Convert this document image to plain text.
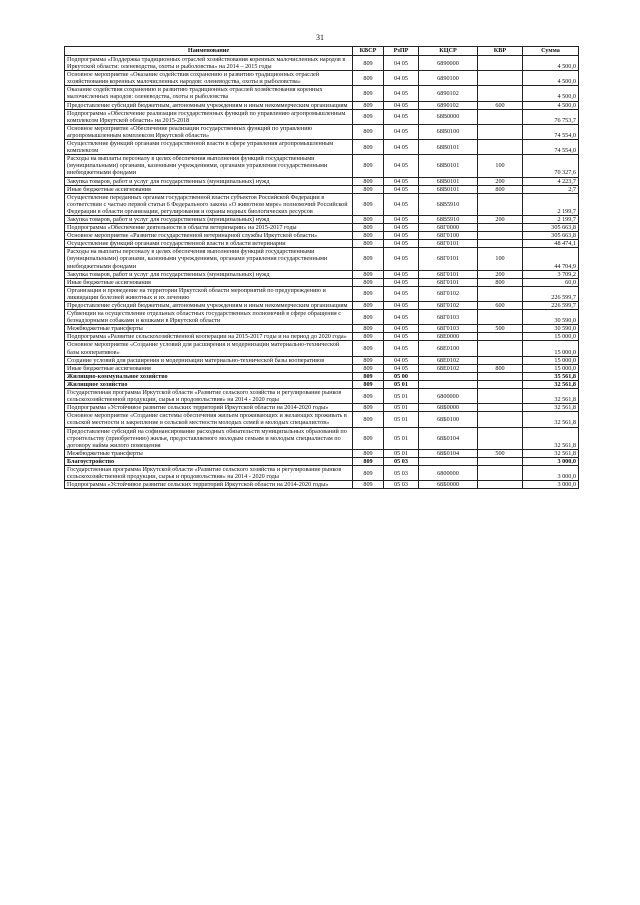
31
Наименование	КВСР	РзПР	КЦСР	КВР	Сумма
Подпрограмма «Поддержка традиционных отраслей хозяйствования коренных малочисленных народов в Иркутской области: оленеводства, охоты и рыболовства» на 2014 – 2015 годы	809	04 05	6890000		4 500,0
Основное мероприятие «Оказание содействия сохранению и развитию традиционных отраслей хозяйствования коренных малочисленных народов: оленеводства, охоты и рыболовства»	809	04 05	6890100		4 500,0
Оказание содействия сохранению и развитию традиционных отраслей хозяйствования коренных малочисленных народов: оленеводства, охоты и рыболовства	809	04 05	6890102		4 500,0
Предоставление субсидий бюджетным, автономным учреждениям и иным некоммерческим организациям	809	04 05	6890102	600	4 500,0
Подпрограмма «Обеспечение реализации государственных функций по управлению агропромышленным комплексом Иркутской области» на 2015-2018	809	04 05	68B0000		76 753,7
Основное мероприятие «Обеспечение реализации государственных функций по управлению агропромышленным комплексом Иркутской области»	809	04 05	68B0100		74 554,0
Осуществление функций органами государственной власти в сфере управления агропромышленным комплексом	809	04 05	68B0101		74 554,0
Расходы на выплаты персоналу в целях обеспечения выполнения функций государственными (муниципальными) органами, казенными учреждениями, органами управления государственными внебюджетными фондами	809	04 05	68B0101	100	70 327,6
Закупка товаров, работ и услуг для государственных (муниципальных) нужд	809	04 05	68B0101	200	4 223,7
Иные бюджетные ассигнования	809	04 05	68B0101	800	2,7
Осуществление переданных органам государственной власти субъектов Российской Федерации в соответствии с частью первой статьи 6 Федерального закона «О животном мире» полномочий Российской Федерации в области организации, регулирования и охраны водных биологических ресурсов	809	04 05	68B5910		2 199,7
Закупка товаров, работ и услуг для государственных (муниципальных) нужд	809	04 05	68B5910	200	2 199,7
Подпрограмма «Обеспечение деятельности в области ветеринарии» на 2015-2017 годы	809	04 05	68Г0000		305 663,8
Основное мероприятие «Развитие государственной ветеринарной службы Иркутской области»	809	04 05	68Г0100		305 663,8
Осуществление функций органами государственной власти в области ветеринарии	809	04 05	68Г0101		48 474,1
Расходы на выплаты персоналу в целях обеспечения выполнения функций государственными (муниципальными) органами, казенными учреждениями, органами управления государственными внебюджетными фондами	809	04 05	68Г0101	100	44 704,9
Закупка товаров, работ и услуг для государственных (муниципальных) нужд	809	04 05	68Г0101	200	3 709,2
Иные бюджетные ассигнования	809	04 05	68Г0101	800	60,0
Организация и проведение на территории Иркутской области мероприятий по предупреждению и ликвидации болезней животных и их лечению	809	04 05	68Г0102		226 599,7
Предоставление субсидий бюджетным, автономным учреждениям и иным некоммерческим организациям	809	04 05	68Г0102	600	226 599,7
Субвенции на осуществление отдельных областных государственных полномочий в сфере обращения с безнадзорными собаками и кошками в Иркутской области	809	04 05	68Г0103		30 590,0
Межбюджетные трансферты	809	04 05	68Г0103	500	30 590,0
Подпрограмма «Развитие сельскохозяйственной кооперации на 2015-2017 годы и на период до 2020 года»	809	04 05	68E0000		15 000,0
Основное мероприятие «Создание условий для расширения и модернизации материально-технической базы кооперативов»	809	04 05	68E0100		15 000,0
Создание условий для расширения и модернизации материально-технической базы кооперативов	809	04 05	68E0102		15 000,0
Иные бюджетные ассигнования	809	04 05	68E0102	800	15 000,0
Жилищно-коммунальное хозяйство	809	05 00			35 561,8
Жилищное хозяйство	809	05 01			32 561,8
Государственная программа Иркутской области «Развитие сельского хозяйства и регулирование рынков сельскохозяйственной продукции, сырья и продовольствия» на 2014 - 2020 годы	809	05 01	6800000		32 561,8
Подпрограмма «Устойчивое развитие сельских территорий Иркутской области на 2014-2020 годы»	809	05 01	68Б0000		32 561,8
Основное мероприятие «Создание системы обеспечения жильем проживающих и желающих проживать в сельской местности и закрепление в сельской местности молодых семей и молодых специалистов»	809	05 01	68Б0100		32 561,8
Предоставление субсидий на софинансирование расходных обязательств муниципальных образований по строительству (приобретению) жилья, предоставляемого молодым семьям и молодым специалистам по договору найма жилого помещения	809	05 01	68Б0104		32 561,8
Межбюджетные трансферты	809	05 01	68Б0104	500	32 561,8
Благоустройство	809	05 03			3 000,0
Государственная программа Иркутской области «Развитие сельского хозяйства и регулирование рынков сельскохозяйственной продукции, сырья и продовольствия» на 2014 - 2020 годы	809	05 03	6800000		3 000,0
Подпрограмма «Устойчивое развитие сельских территорий Иркутской области на 2014-2020 годы»	809	05 03	68Б0000		3 000,0
